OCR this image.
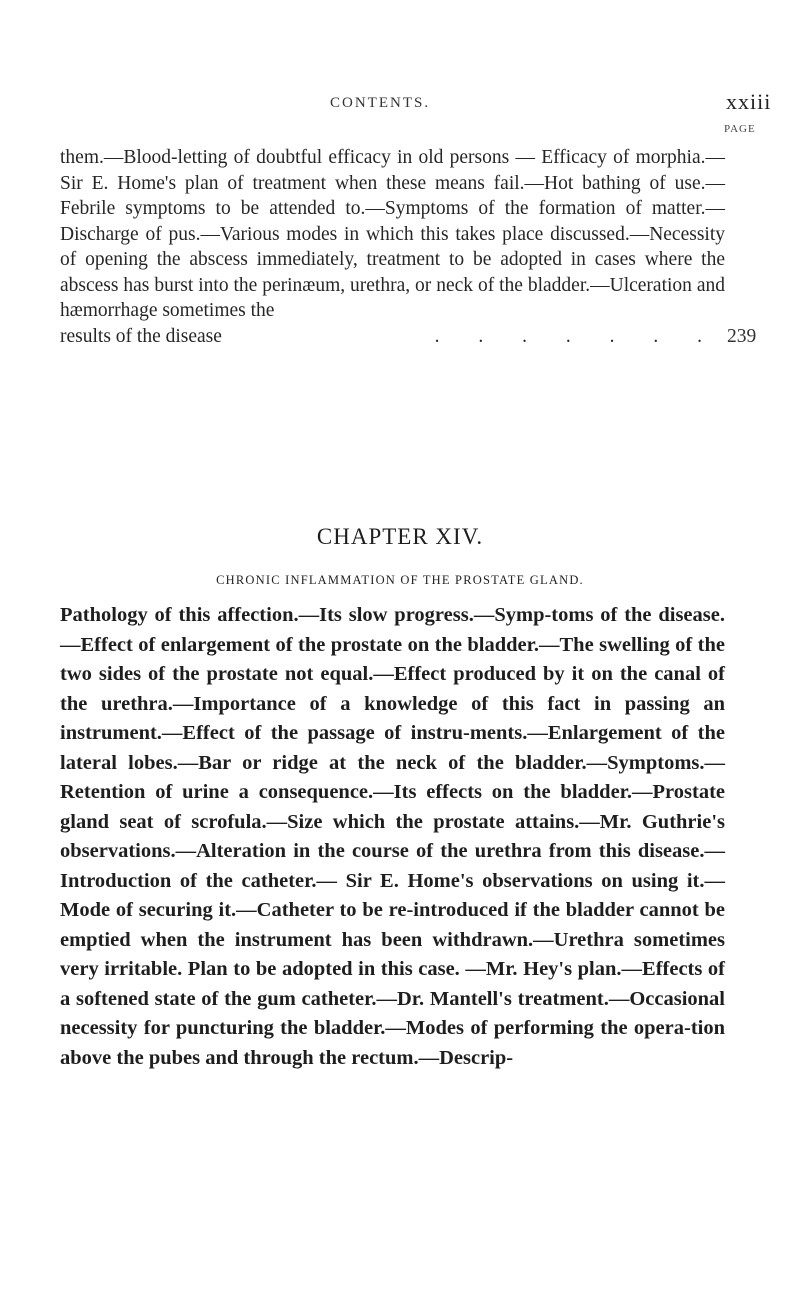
CONTENTS.	xxiii
PAGE
them.—Blood-letting of doubtful efficacy in old persons — Efficacy of morphia.—Sir E. Home's plan of treatment when these means fail.—Hot bathing of use.—Febrile symptoms to be attended to.—Symptoms of the formation of matter.—Discharge of pus.—Various modes in which this takes place discussed.—Necessity of opening the abscess immediately, treatment to be adopted in cases where the abscess has burst into the perinæum, urethra, or neck of the bladder.—Ulceration and hæmorrhage sometimes the
results of the disease	. . . . . . . 239
CHAPTER XIV.
CHRONIC INFLAMMATION OF THE PROSTATE GLAND.
Pathology of this affection.—Its slow progress.—Symp-toms of the disease.—Effect of enlargement of the prostate on the bladder.—The swelling of the two sides of the prostate not equal.—Effect produced by it on the canal of the urethra.—Importance of a knowledge of this fact in passing an instrument.—Effect of the passage of instru-ments.—Enlargement of the lateral lobes.—Bar or ridge at the neck of the bladder.—Symptoms.—Retention of urine a consequence.—Its effects on the bladder.—Prostate gland seat of scrofula.—Size which the prostate attains.—Mr. Guthrie's observations.—Alteration in the course of the urethra from this disease.—Introduction of the catheter.— Sir E. Home's observations on using it.—Mode of securing it.—Catheter to be re-introduced if the bladder cannot be emptied when the instrument has been withdrawn.—Urethra sometimes very irritable. Plan to be adopted in this case. —Mr. Hey's plan.—Effects of a softened state of the gum catheter.—Dr. Mantell's treatment.—Occasional necessity for puncturing the bladder.—Modes of performing the opera-tion above the pubes and through the rectum.—Descrip-
